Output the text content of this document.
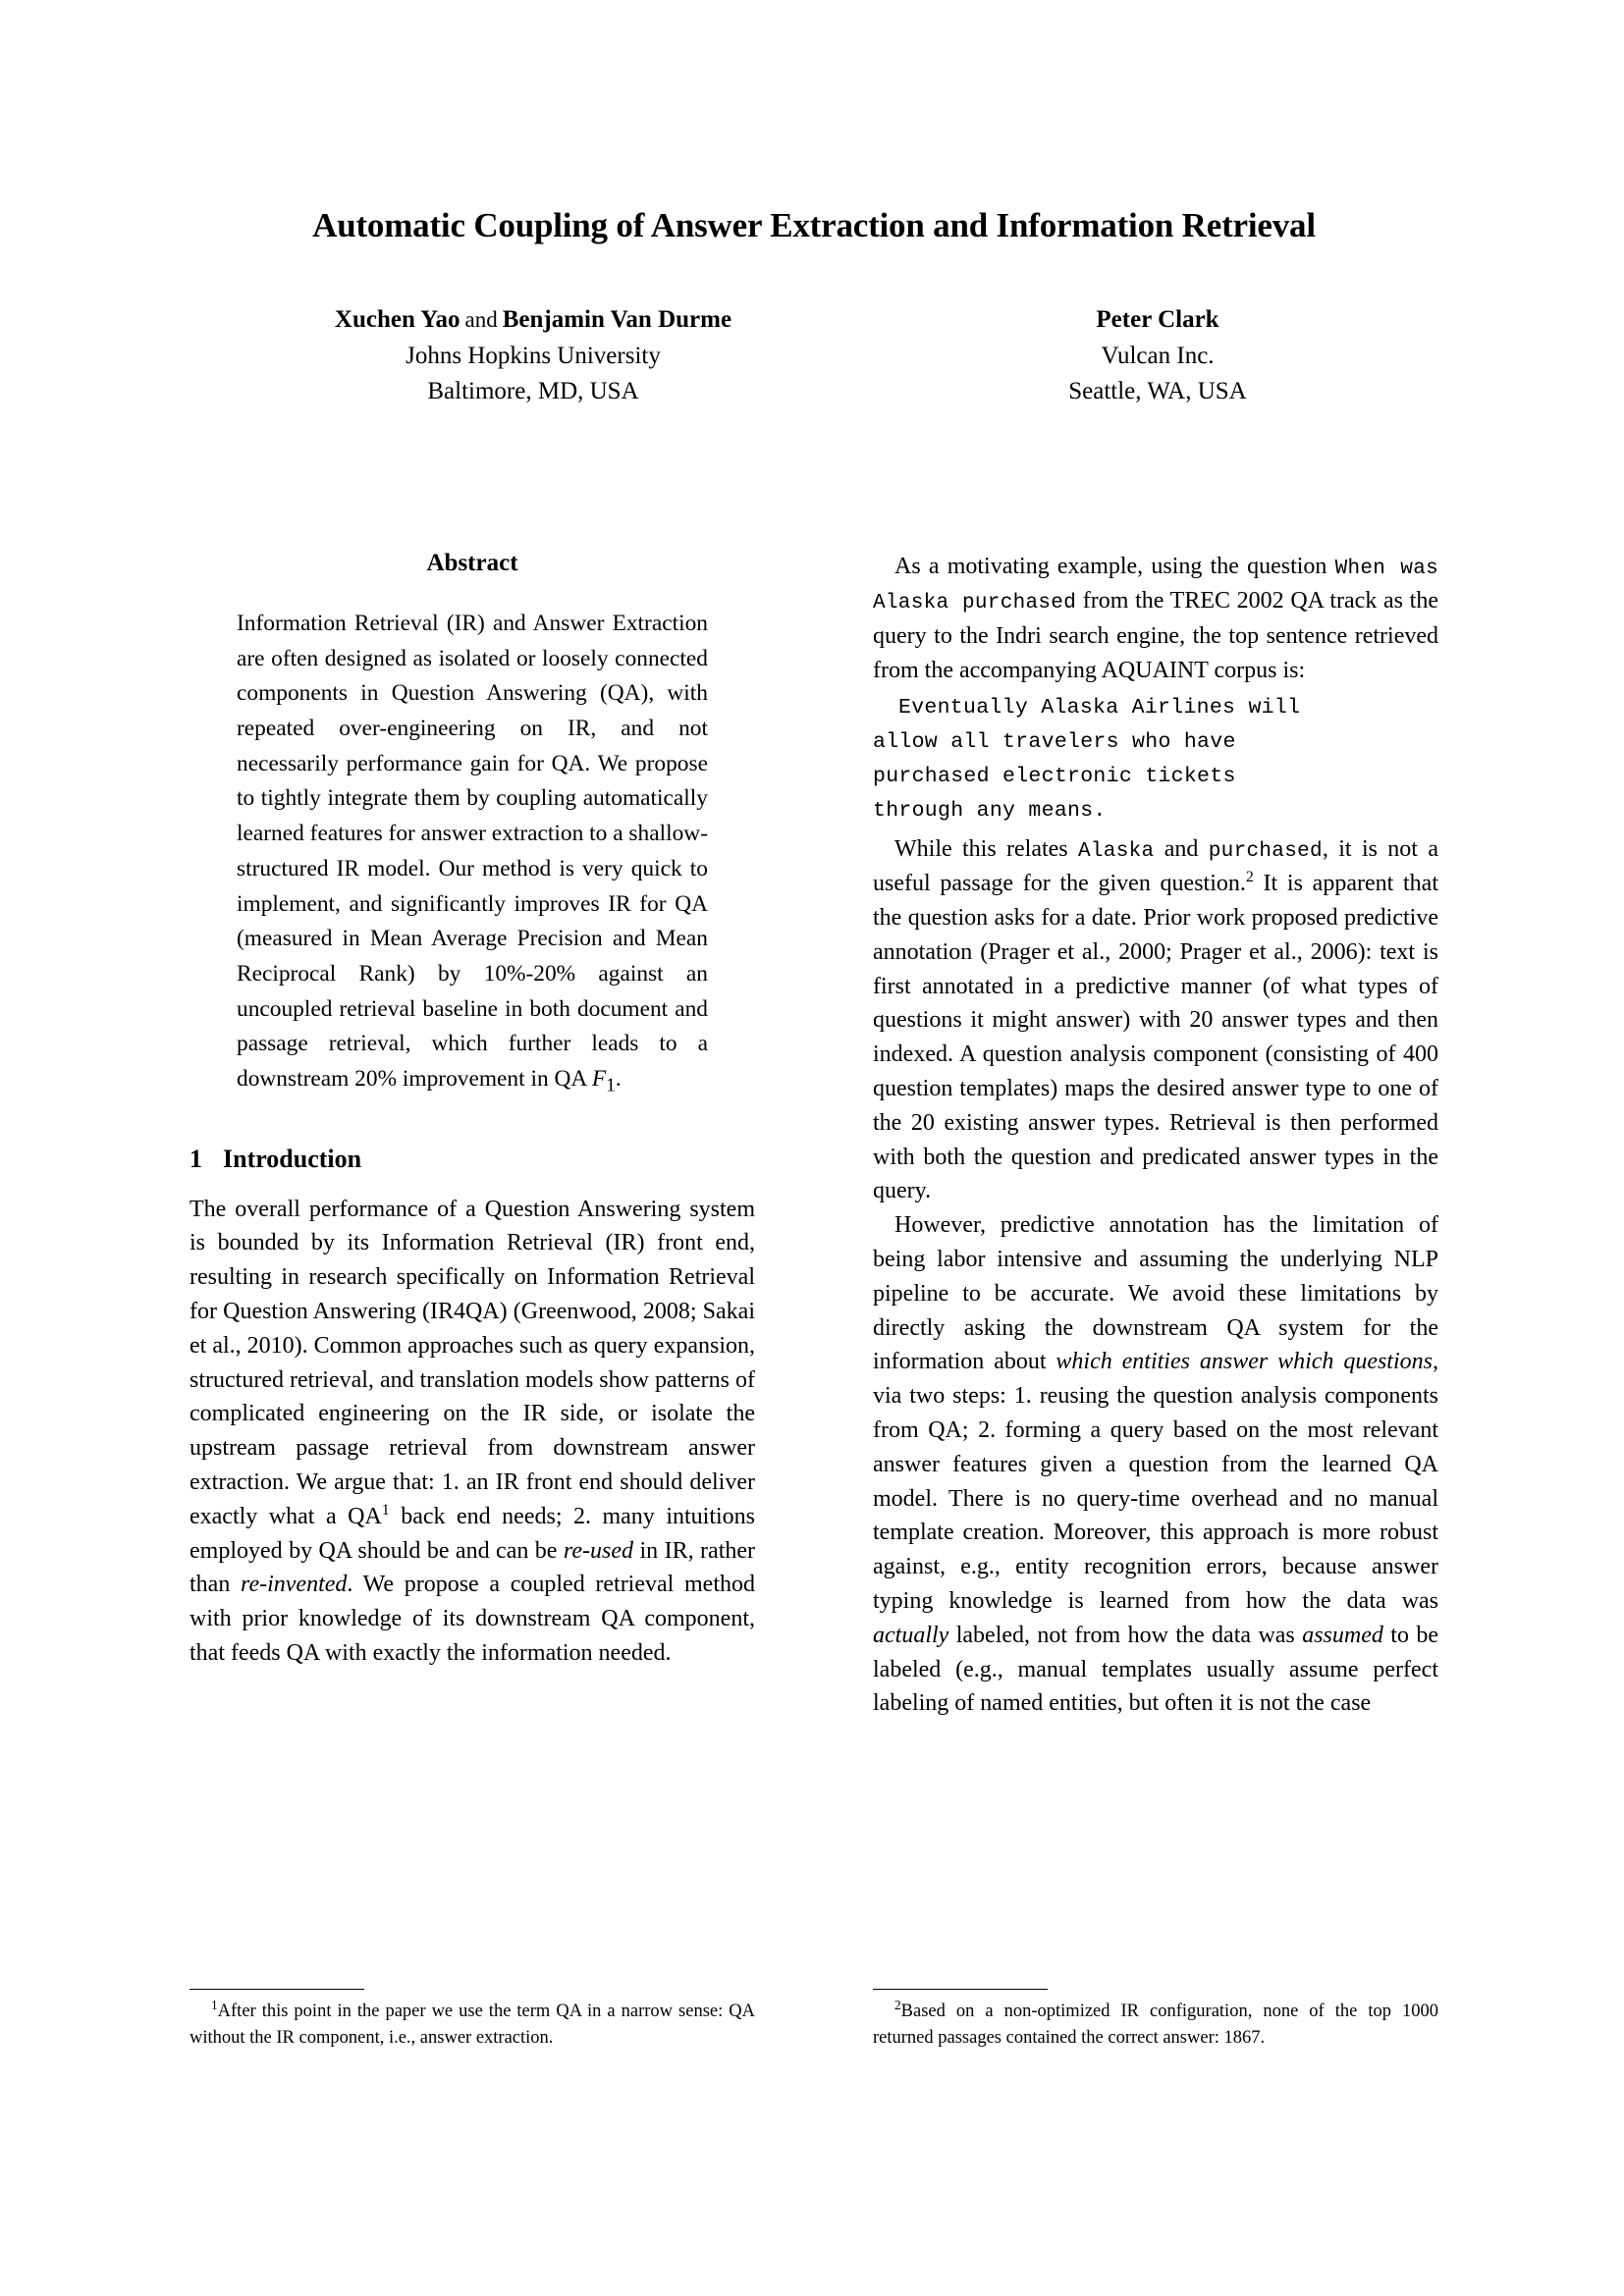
Automatic Coupling of Answer Extraction and Information Retrieval
Xuchen Yao and Benjamin Van Durme
Johns Hopkins University
Baltimore, MD, USA
Peter Clark
Vulcan Inc.
Seattle, WA, USA
Abstract

Information Retrieval (IR) and Answer Extraction are often designed as isolated or loosely connected components in Question Answering (QA), with repeated over-engineering on IR, and not necessarily performance gain for QA. We propose to tightly integrate them by coupling automatically learned features for answer extraction to a shallow-structured IR model. Our method is very quick to implement, and significantly improves IR for QA (measured in Mean Average Precision and Mean Reciprocal Rank) by 10%-20% against an uncoupled retrieval baseline in both document and passage retrieval, which further leads to a downstream 20% improvement in QA $F_1$.

1 Introduction

The overall performance of a Question Answering system is bounded by its Information Retrieval (IR) front end, resulting in research specifically on Information Retrieval for Question Answering (IR4QA) (Greenwood, 2008; Sakai et al., 2010). Common approaches such as query expansion, structured retrieval, and translation models show patterns of complicated engineering on the IR side, or isolate the upstream passage retrieval from downstream answer extraction. We argue that: 1. an IR front end should deliver exactly what a $QA^1$ back end needs; 2. many intuitions employed by QA should be and can be re-used in IR, rather than re-invented. We propose a coupled retrieval method with prior knowledge of its downstream QA component, that feeds QA with exactly the information needed.

As a motivating example, using the question When was Alaska purchased from the TREC 2002 QA track as the query to the Indri search engine, the top sentence retrieved from the accompanying AQUAINT corpus is:

Eventually Alaska Airlines will
allow all travelers who have
purchased electronic tickets
through any means.

While this relates Alaska and purchased, it is not a useful passage for the given question.$^2$ It is apparent that the question asks for a date. Prior work proposed predictive annotation (Prager et al., 2000; Prager et al., 2006): text is first annotated in a predictive manner (of what types of questions it might answer) with 20 answer types and then indexed. A question analysis component (consisting of 400 question templates) maps the desired answer type to one of the 20 existing answer types. Retrieval is then performed with both the question and predicated answer types in the query.

However, predictive annotation has the limitation of being labor intensive and assuming the underlying NLP pipeline to be accurate. We avoid these limitations by directly asking the downstream QA system for the information about which entities answer which questions, via two steps: 1. reusing the question analysis components from QA; 2. forming a query based on the most relevant answer features given a question from the learned QA model. There is no query-time overhead and no manual template creation. Moreover, this approach is more robust against, e.g., entity recognition errors, because answer typing knowledge is learned from how the data was actually labeled, not from how the data was assumed to be labeled (e.g., manual templates usually assume perfect labeling of named entities, but often it is not the case

$^1$After this point in the paper we use the term QA in a narrow sense: QA without the IR component, i.e., answer extraction.

$^2$Based on a non-optimized IR configuration, none of the top 1000 returned passages contained the correct answer: 1867.
